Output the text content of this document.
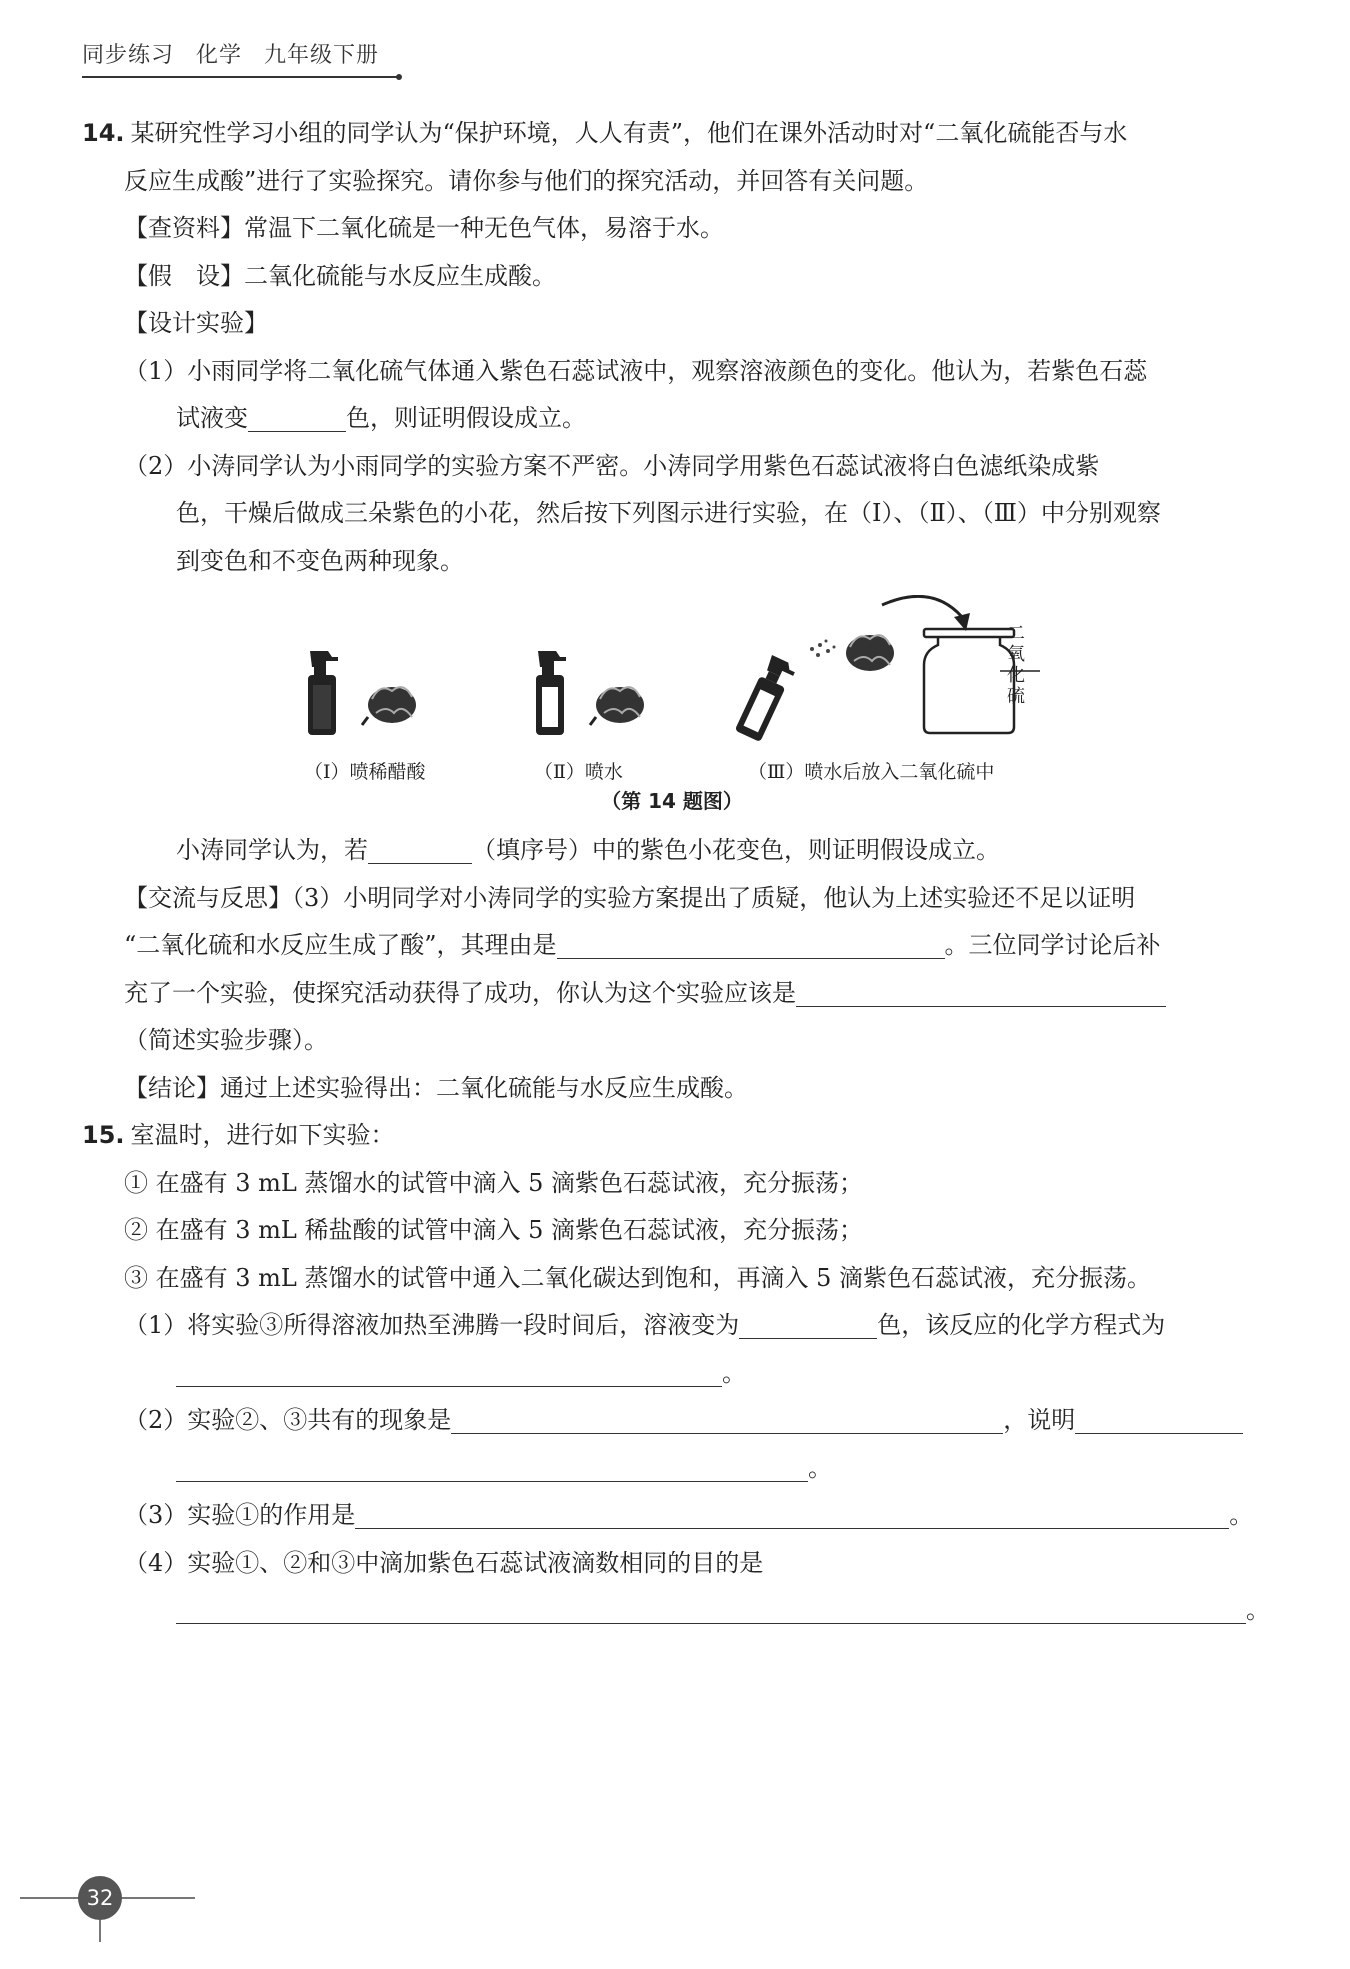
同步练习 化学 九年级下册
14. 某研究性学习小组的同学认为“保护环境，人人有责”，他们在课外活动时对“二氧化硫能否与水
反应生成酸”进行了实验探究。请你参与他们的探究活动，并回答有关问题。
【查资料】常温下二氧化硫是一种无色气体，易溶于水。
【假　设】二氧化硫能与水反应生成酸。
【设计实验】
（1）小雨同学将二氧化硫气体通入紫色石蕊试液中，观察溶液颜色的变化。他认为，若紫色石蕊
试液变	色，则证明假设成立。
（2）小涛同学认为小雨同学的实验方案不严密。小涛同学用紫色石蕊试液将白色滤纸染成紫
色，干燥后做成三朵紫色的小花，然后按下列图示进行实验，在（Ⅰ）、（Ⅱ）、（Ⅲ）中分别观察
到变色和不变色两种现象。
二
氧
化
硫
（Ⅰ）喷稀醋酸	（Ⅱ）喷水	（Ⅲ）喷水后放入二氧化硫中
（第 14 题图）
小涛同学认为，若	（填序号）中的紫色小花变色，则证明假设成立。
【交流与反思】（3）小明同学对小涛同学的实验方案提出了质疑，他认为上述实验还不足以证明
“二氧化硫和水反应生成了酸”，其理由是	。三位同学讨论后补
充了一个实验，使探究活动获得了成功，你认为这个实验应该是
（简述实验步骤）。
【结论】通过上述实验得出：二氧化硫能与水反应生成酸。
15. 室温时，进行如下实验：
① 在盛有 3 mL 蒸馏水的试管中滴入 5 滴紫色石蕊试液，充分振荡；
② 在盛有 3 mL 稀盐酸的试管中滴入 5 滴紫色石蕊试液，充分振荡；
③ 在盛有 3 mL 蒸馏水的试管中通入二氧化碳达到饱和，再滴入 5 滴紫色石蕊试液，充分振荡。
（1）将实验③所得溶液加热至沸腾一段时间后，溶液变为	色，该反应的化学方程式为
。
（2）实验②、③共有的现象是	，说明
。
（3）实验①的作用是	。
（4）实验①、②和③中滴加紫色石蕊试液滴数相同的目的是
。
32
